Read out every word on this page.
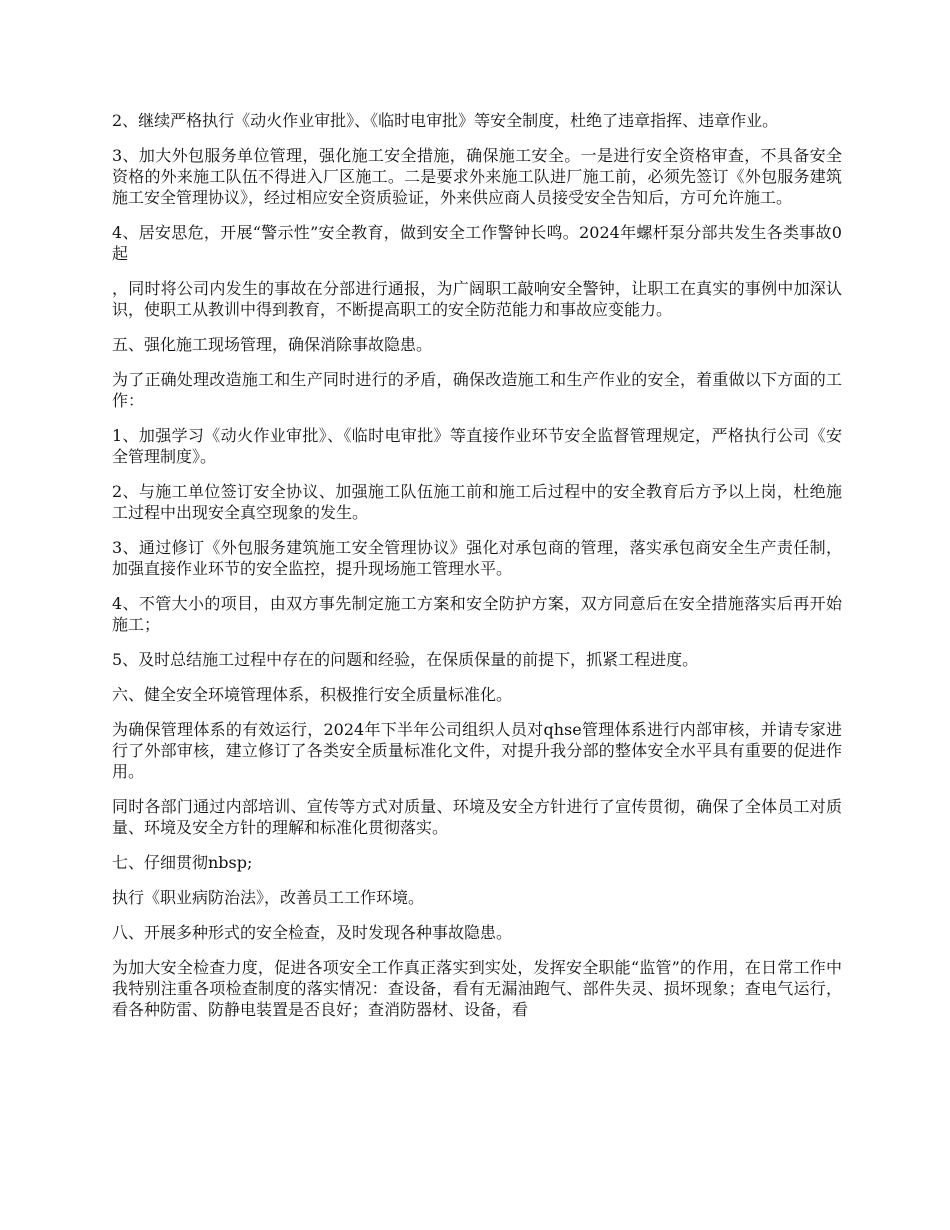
2、继续严格执行《动火作业审批》、《临时电审批》等安全制度，杜绝了违章指挥、违章作业。

3、加大外包服务单位管理，强化施工安全措施，确保施工安全。一是进行安全资格审查，不具备安全资格的外来施工队伍不得进入厂区施工。二是要求外来施工队进厂施工前，必须先签订《外包服务建筑施工安全管理协议》，经过相应安全资质验证，外来供应商人员接受安全告知后，方可允许施工。

4、居安思危，开展“警示性”安全教育，做到安全工作警钟长鸣。2024年螺杆泵分部共发生各类事故0起

，同时将公司内发生的事故在分部进行通报，为广阔职工敲响安全警钟，让职工在真实的事例中加深认识，使职工从教训中得到教育，不断提高职工的安全防范能力和事故应变能力。

五、强化施工现场管理，确保消除事故隐患。

为了正确处理改造施工和生产同时进行的矛盾，确保改造施工和生产作业的安全，着重做以下方面的工作：

1、加强学习《动火作业审批》、《临时电审批》等直接作业环节安全监督管理规定，严格执行公司《安全管理制度》。

2、与施工单位签订安全协议、加强施工队伍施工前和施工后过程中的安全教育后方予以上岗，杜绝施工过程中出现安全真空现象的发生。

3、通过修订《外包服务建筑施工安全管理协议》强化对承包商的管理，落实承包商安全生产责任制，加强直接作业环节的安全监控，提升现场施工管理水平。

4、不管大小的项目，由双方事先制定施工方案和安全防护方案，双方同意后在安全措施落实后再开始施工；

5、及时总结施工过程中存在的问题和经验，在保质保量的前提下，抓紧工程进度。

六、健全安全环境管理体系，积极推行安全质量标准化。

为确保管理体系的有效运行，2024年下半年公司组织人员对qhse管理体系进行内部审核，并请专家进行了外部审核，建立修订了各类安全质量标准化文件，对提升我分部的整体安全水平具有重要的促进作用。

同时各部门通过内部培训、宣传等方式对质量、环境及安全方针进行了宣传贯彻，确保了全体员工对质量、环境及安全方针的理解和标准化贯彻落实。

七、仔细贯彻nbsp;

执行《职业病防治法》，改善员工工作环境。

八、开展多种形式的安全检查，及时发现各种事故隐患。

为加大安全检查力度，促进各项安全工作真正落实到实处，发挥安全职能“监管”的作用，在日常工作中我特别注重各项检查制度的落实情况：查设备，看有无漏油跑气、部件失灵、损坏现象；查电气运行，看各种防雷、防静电装置是否良好；查消防器材、设备，看
